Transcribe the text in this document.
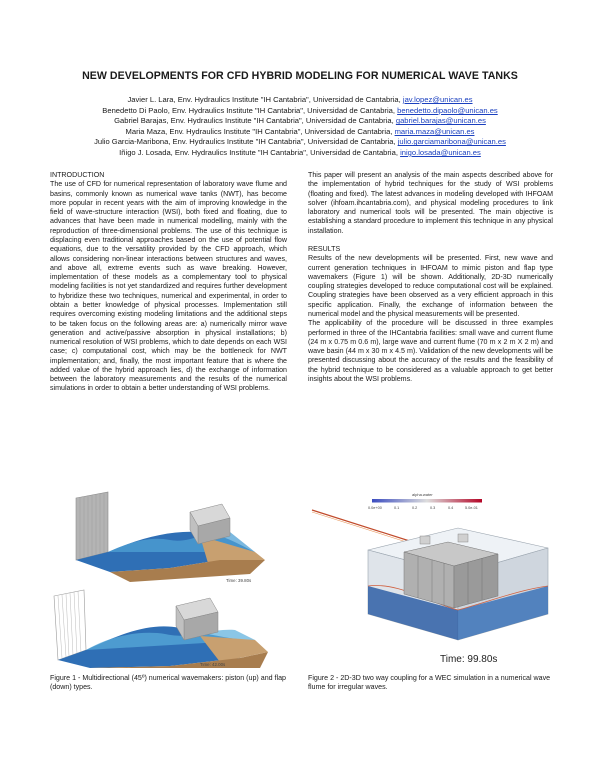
NEW DEVELOPMENTS FOR CFD HYBRID MODELING FOR NUMERICAL WAVE TANKS
Javier L. Lara, Env. Hydraulics Institute "IH Cantabria", Universidad de Cantabria, jav.lopez@unican.es
Benedetto Di Paolo, Env. Hydraulics Institute "IH Cantabria", Universidad de Cantabria, benedetto.dipaolo@unican.es
Gabriel Barajas, Env. Hydraulics Institute "IH Cantabria", Universidad de Cantabria, gabriel.barajas@unican.es
Maria Maza, Env. Hydraulics Institute "IH Cantabria", Universidad de Cantabria, maria.maza@unican.es
Julio Garcia-Maribona, Env. Hydraulics Institute "IH Cantabria", Universidad de Cantabria, julio.garciamaribona@unican.es
Iñigo J. Losada, Env. Hydraulics Institute "IH Cantabria", Universidad de Cantabria, inigo.losada@unican.es

INTRODUCTION

The use of CFD for numerical representation of laboratory wave flume and basins, commonly known as numerical wave tanks (NWT), has become more popular in recent years with the aim of improving knowledge in the field of wave-structure interaction (WSI), both fixed and floating, due to advances that have been made in numerical modelling, mainly with the reproduction of three-dimensional problems. The use of this technique is displacing even traditional approaches based on the use of potential flow equations, due to the versatility provided by the CFD approach, which allows considering non-linear interactions between structures and waves, and above all, extreme events such as wave breaking. However, implementation of these models as a complementary tool to physical modeling facilities is not yet standardized and requires further development to hybridize these two techniques, numerical and experimental, in order to obtain a better knowledge of physical processes. Implementation still requires overcoming existing modeling limitations and the additional steps to be taken focus on the following areas are: a) numerically mirror wave generation and active/passive absorption in physical installations; b) numerical resolution of WSI problems, which to date depends on each WSI case; c) computational cost, which may be the bottleneck for NWT implementation; and, finally, the most important feature that is where the added value of the hybrid approach lies, d) the exchange of information between the laboratory measurements and the results of the numerical simulations in order to obtain a better understanding of WSI problems.

This paper will present an analysis of the main aspects described above for the implementation of hybrid techniques for the study of WSI problems (floating and fixed). The latest advances in modeling developed with IHFOAM solver (ihfoam.ihcantabria.com), and physical modeling procedures to link laboratory and numerical tools will be presented. The main objective is establishing a standard procedure to implement this technique in any physical installation.

RESULTS

Results of the new developments will be presented. First, new wave and current generation techniques in IHFOAM to mimic piston and flap type wavemakers (Figure 1) will be shown. Additionally, 2D-3D numerically coupling strategies developed to reduce computational cost will be explained. Coupling strategies have been observed as a very efficient approach in this specific application. Finally, the exchange of information between the numerical model and the physical measurements will be presented.

The applicability of the procedure will be discussed in three examples performed in three of the IHCantabria facilities: small wave and current flume (24 m x 0.75 m 0.6 m), large wave and current flume (70 m x 2 m X 2 m) and wave basin (44 m x 30 m x 4.5 m). Validation of the new developments will be presented discussing about the accuracy of the results and the feasibility of the hybrid technique to be considered as a valuable approach to get better insights about the WSI problems.

Time: 39.80s
Time: 42.00s
Figure 1 - Multidirectional (45º) numerical wavemakers: piston (up) and flap (down) types.
alpha.water
0.0e+00	0.1	0.2	0.3	0.4	5.0e-01
Time: 99.80s
Figure 2 - 2D-3D two way coupling for a WEC simulation in a numerical wave flume for irregular waves.
